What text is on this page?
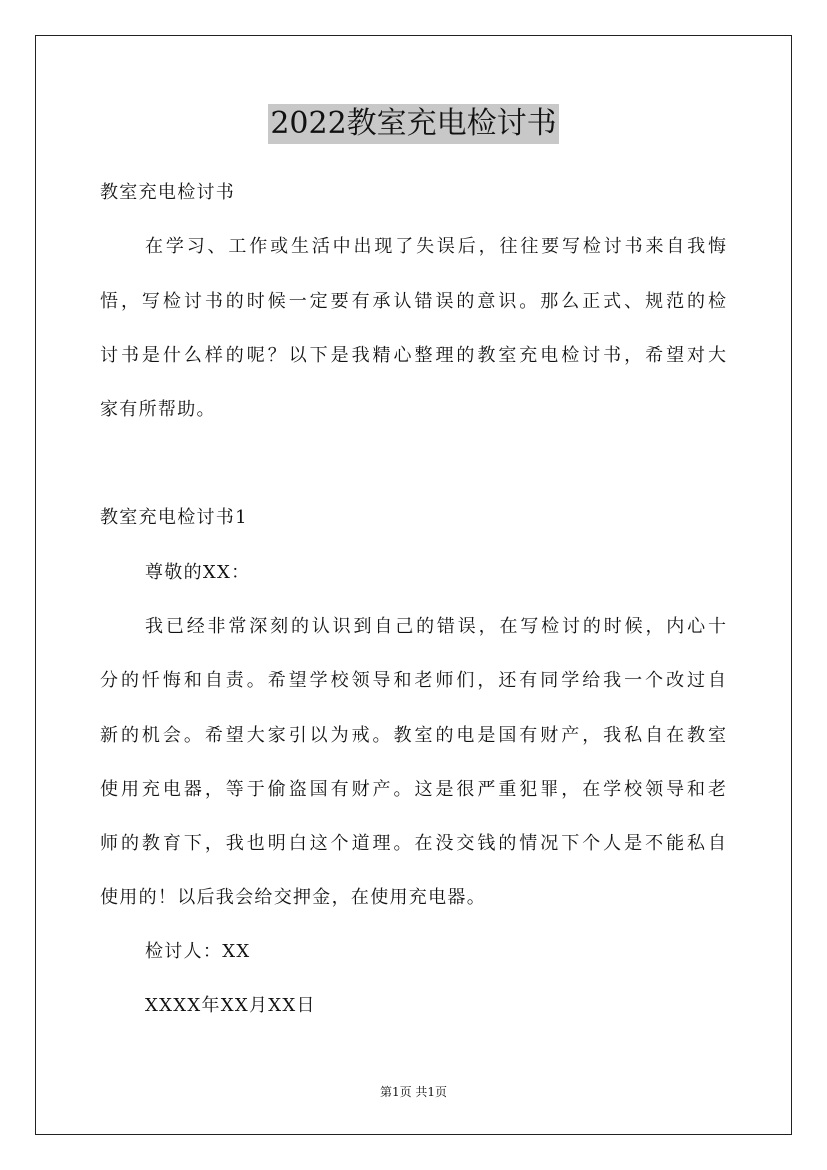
2022教室充电检讨书
教室充电检讨书
在学习、工作或生活中出现了失误后，往往要写检讨书来自我悔
悟，写检讨书的时候一定要有承认错误的意识。那么正式、规范的检
讨书是什么样的呢？以下是我精心整理的教室充电检讨书，希望对大
家有所帮助。
教室充电检讨书1
尊敬的XX：
我已经非常深刻的认识到自己的错误，在写检讨的时候，内心十
分的忏悔和自责。希望学校领导和老师们，还有同学给我一个改过自
新的机会。希望大家引以为戒。教室的电是国有财产，我私自在教室
使用充电器，等于偷盗国有财产。这是很严重犯罪，在学校领导和老
师的教育下，我也明白这个道理。在没交钱的情况下个人是不能私自
使用的！以后我会给交押金，在使用充电器。
检讨人：XX
XXXX年XX月XX日
第1页 共1页
